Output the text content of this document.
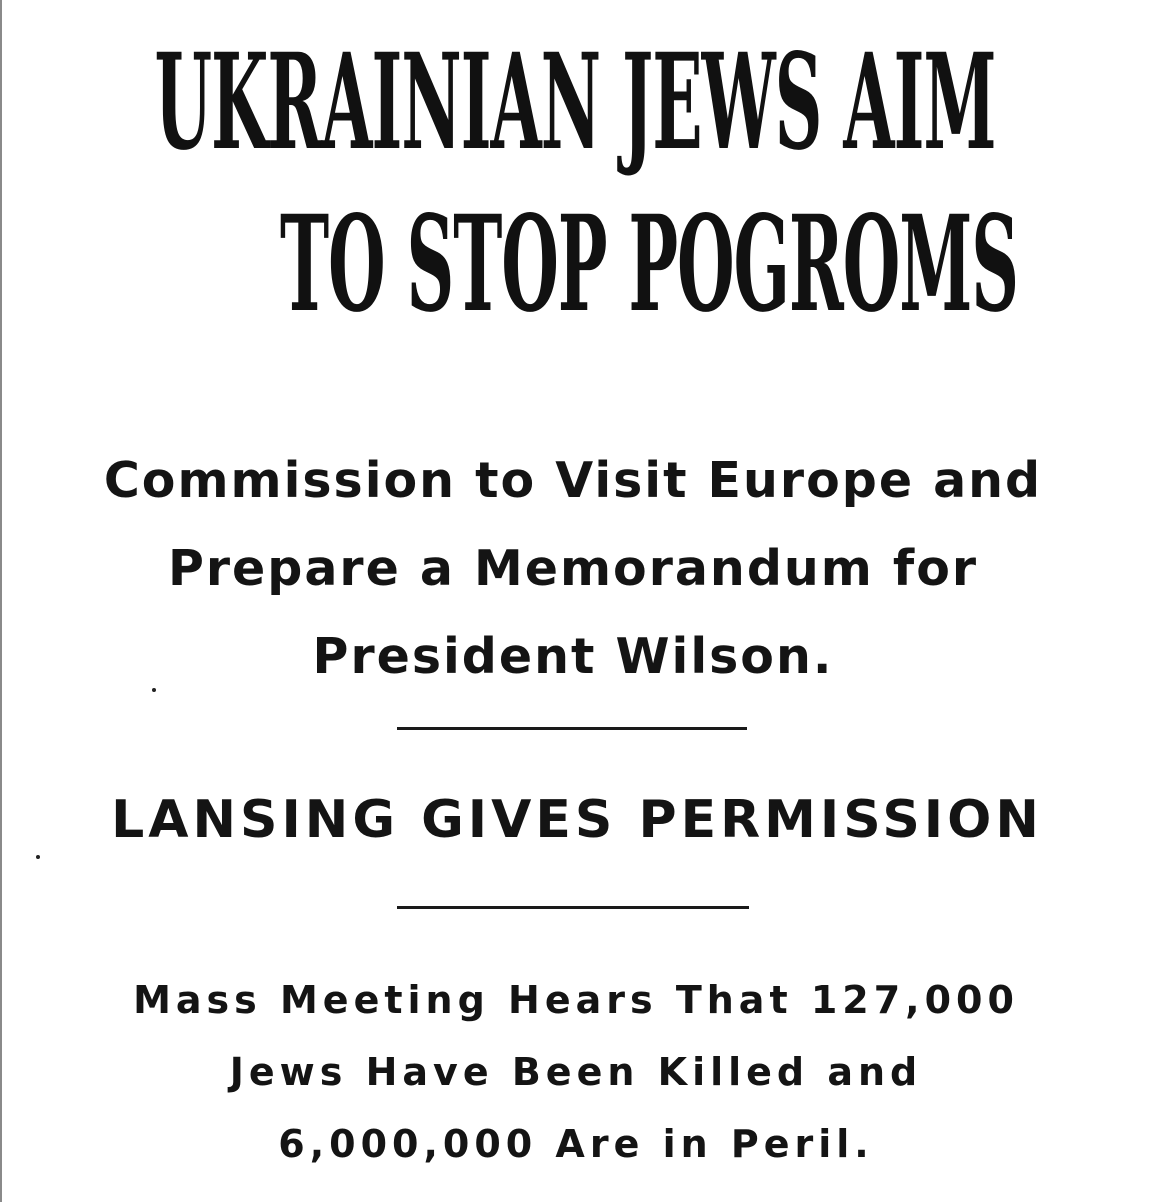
UKRAINIAN JEWS AIM
TO STOP POGROMS
Commission to Visit Europe and
Prepare a Memorandum for
President Wilson.
LANSING GIVES PERMISSION
Mass Meeting Hears That 127,000
Jews Have Been Killed and
6,000,000 Are in Peril.
